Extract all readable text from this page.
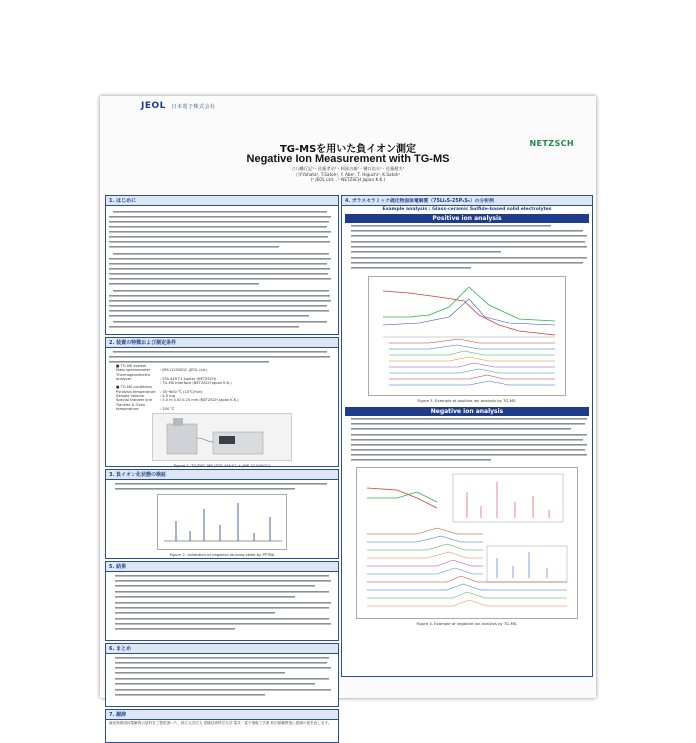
JEOL 日本電子株式会社
NETZSCH
TG-MSを用いた負イオン測定
Negative Ion Measurement with TG-MS
○八幡行記¹・佐藤孝司¹・阿部吉雄²・樋口浩夫²・佐藤健太²
○Y.Yahata¹, T.Satoh¹, Y. Abe², T. Higuchi², K.Satoh²
(¹ JEOL Ltd. , ² NETZSCH Japan K.K.)
1. はじめに
2. 装置の特徴および測定条件
■ TG-MS system
Mass spectrometer	: JMS-Q1500GC (JEOL Ltd.)
Thermogravimetric analyzer	: STA 449 F1 Jupiter (NETZSCH)
: TG-MS Interface (NETZSCH Japan K.K.)
■ TG-MS conditions
Pyrolysis temperature : 35→600 ℃ (10℃/min)
Sample volume	: 4.5 mg
Special transfer line : 5.0 m x ID 0.25 mm (NETZSCH Japan K.K.)
Transfer & Oven temperature	: 200 ℃
Figure 1. TG/DSC-MS (STA 449 F1 + JMS-Q1500GC)
3. 負イオン化状態の検証
Figure 2. Validation of negative ionizing state by PFTBA
5. 結果
6. まとめ
7. 謝辞
硫化物系固体電解質の試料をご提供頂いた、国立大学法人 豊橋技術科学大学 電気・電子情報工学系 松田厚範教授に感謝の意を表します。
4. ガラスセラミック硫化物固体電解質（75Li₂S-25P₂S₅）の分析例
Example analysis : Glass-ceramic Sulfide-based solid electrolytes
Positive ion analysis
Figure 3. Example of positive ion analysis by TG-MS.
Negative ion analysis
Figure 4. Example of negative ion analysis by TG-MS.
